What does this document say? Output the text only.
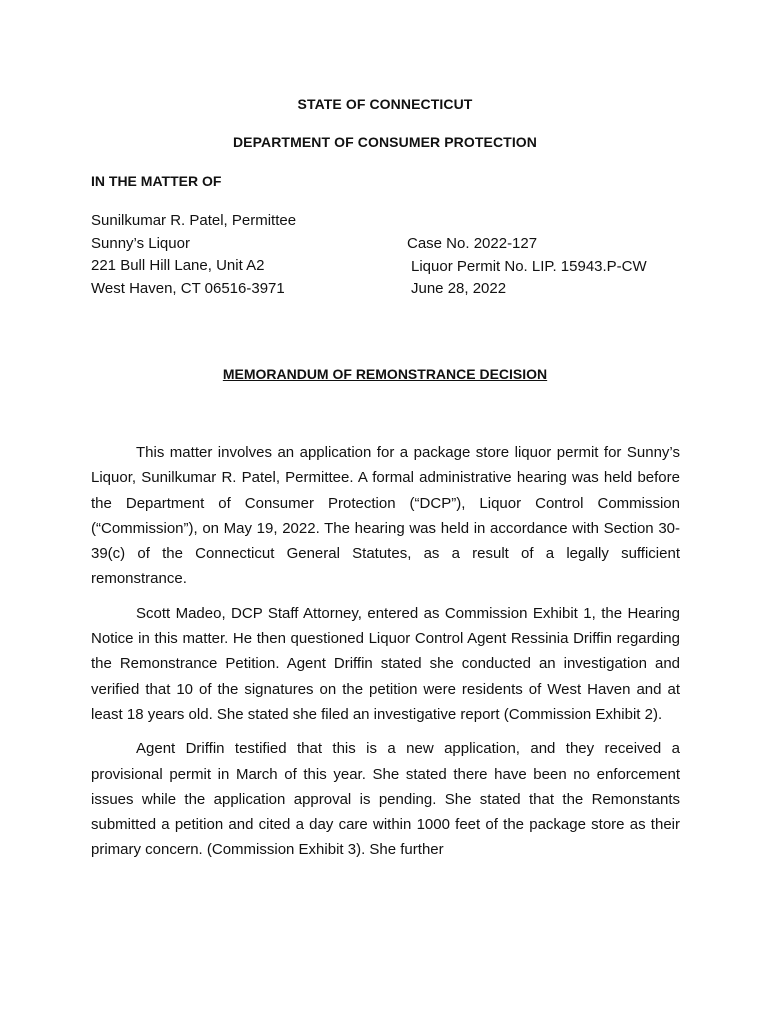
STATE OF CONNECTICUT
DEPARTMENT OF CONSUMER PROTECTION
IN THE MATTER OF
Sunilkumar R. Patel, Permittee
Sunny’s Liquor
221 Bull Hill Lane, Unit A2
West Haven, CT 06516-3971
Case No. 2022-127
Liquor Permit No. LIP. 15943.P-CW
June 28, 2022
MEMORANDUM OF REMONSTRANCE DECISION

This matter involves an application for a package store liquor permit for Sunny’s Liquor, Sunilkumar R. Patel, Permittee. A formal administrative hearing was held before the Department of Consumer Protection (“DCP”), Liquor Control Commission (“Commission”), on May 19, 2022. The hearing was held in accordance with Section 30-39(c) of the Connecticut General Statutes, as a result of a legally sufficient remonstrance.

Scott Madeo, DCP Staff Attorney, entered as Commission Exhibit 1, the Hearing Notice in this matter. He then questioned Liquor Control Agent Ressinia Driffin regarding the Remonstrance Petition. Agent Driffin stated she conducted an investigation and verified that 10 of the signatures on the petition were residents of West Haven and at least 18 years old. She stated she filed an investigative report (Commission Exhibit 2).

Agent Driffin testified that this is a new application, and they received a provisional permit in March of this year. She stated there have been no enforcement issues while the application approval is pending. She stated that the Remonstants submitted a petition and cited a day care within 1000 feet of the package store as their primary concern. (Commission Exhibit 3). She further
